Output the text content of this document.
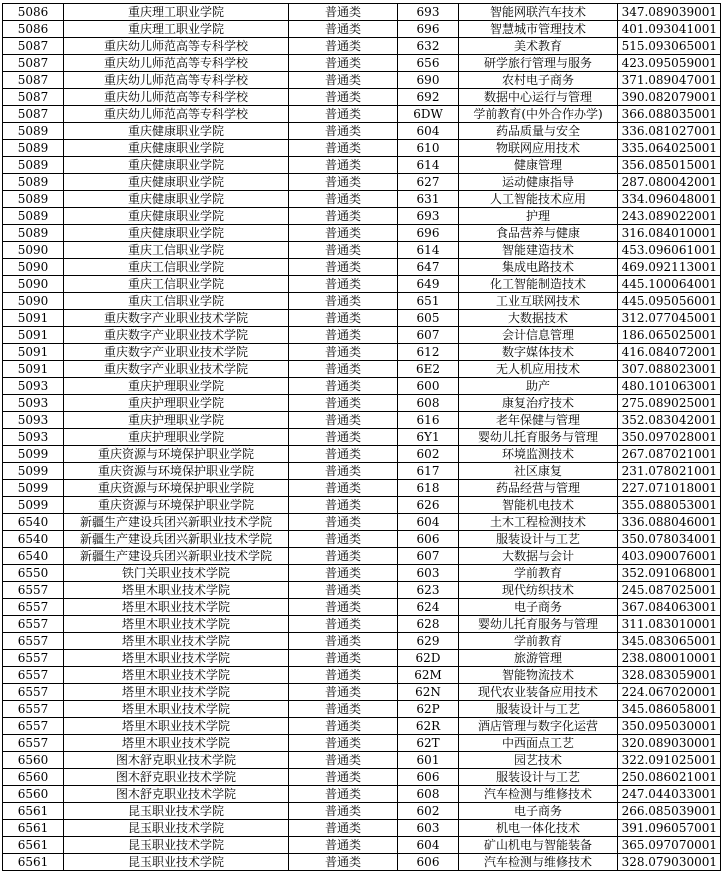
5086	重庆理工职业学院	普通类	693	智能网联汽车技术	347.089039001
5086	重庆理工职业学院	普通类	696	智慧城市管理技术	401.093041001
5087	重庆幼儿师范高等专科学校	普通类	632	美术教育	515.093065001
5087	重庆幼儿师范高等专科学校	普通类	656	研学旅行管理与服务	423.095059001
5087	重庆幼儿师范高等专科学校	普通类	690	农村电子商务	371.089047001
5087	重庆幼儿师范高等专科学校	普通类	692	数据中心运行与管理	390.082079001
5087	重庆幼儿师范高等专科学校	普通类	6DW	学前教育(中外合作办学)	366.088035001
5089	重庆健康职业学院	普通类	604	药品质量与安全	336.081027001
5089	重庆健康职业学院	普通类	610	物联网应用技术	335.064025001
5089	重庆健康职业学院	普通类	614	健康管理	356.085015001
5089	重庆健康职业学院	普通类	627	运动健康指导	287.080042001
5089	重庆健康职业学院	普通类	631	人工智能技术应用	334.096048001
5089	重庆健康职业学院	普通类	693	护理	243.089022001
5089	重庆健康职业学院	普通类	696	食品营养与健康	316.084010001
5090	重庆工信职业学院	普通类	614	智能建造技术	453.096061001
5090	重庆工信职业学院	普通类	647	集成电路技术	469.092113001
5090	重庆工信职业学院	普通类	649	化工智能制造技术	445.100064001
5090	重庆工信职业学院	普通类	651	工业互联网技术	445.095056001
5091	重庆数字产业职业技术学院	普通类	605	大数据技术	312.077045001
5091	重庆数字产业职业技术学院	普通类	607	会计信息管理	186.065025001
5091	重庆数字产业职业技术学院	普通类	612	数字媒体技术	416.084072001
5091	重庆数字产业职业技术学院	普通类	6E2	无人机应用技术	307.088023001
5093	重庆护理职业学院	普通类	600	助产	480.101063001
5093	重庆护理职业学院	普通类	608	康复治疗技术	275.089025001
5093	重庆护理职业学院	普通类	616	老年保健与管理	352.083042001
5093	重庆护理职业学院	普通类	6Y1	婴幼儿托育服务与管理	350.097028001
5099	重庆资源与环境保护职业学院	普通类	602	环境监测技术	267.087021001
5099	重庆资源与环境保护职业学院	普通类	617	社区康复	231.078021001
5099	重庆资源与环境保护职业学院	普通类	618	药品经营与管理	227.071018001
5099	重庆资源与环境保护职业学院	普通类	626	智能机电技术	355.088053001
6540	新疆生产建设兵团兴新职业技术学院	普通类	604	土木工程检测技术	336.088046001
6540	新疆生产建设兵团兴新职业技术学院	普通类	606	服装设计与工艺	350.078034001
6540	新疆生产建设兵团兴新职业技术学院	普通类	607	大数据与会计	403.090076001
6550	铁门关职业技术学院	普通类	603	学前教育	352.091068001
6557	塔里木职业技术学院	普通类	623	现代纺织技术	245.087025001
6557	塔里木职业技术学院	普通类	624	电子商务	367.084063001
6557	塔里木职业技术学院	普通类	628	婴幼儿托育服务与管理	311.083010001
6557	塔里木职业技术学院	普通类	629	学前教育	345.083065001
6557	塔里木职业技术学院	普通类	62D	旅游管理	238.080010001
6557	塔里木职业技术学院	普通类	62M	智能物流技术	328.083059001
6557	塔里木职业技术学院	普通类	62N	现代农业装备应用技术	224.067020001
6557	塔里木职业技术学院	普通类	62P	服装设计与工艺	345.086058001
6557	塔里木职业技术学院	普通类	62R	酒店管理与数字化运营	350.095030001
6557	塔里木职业技术学院	普通类	62T	中西面点工艺	320.089030001
6560	图木舒克职业技术学院	普通类	601	园艺技术	322.091025001
6560	图木舒克职业技术学院	普通类	606	服装设计与工艺	250.086021001
6560	图木舒克职业技术学院	普通类	608	汽车检测与维修技术	247.044033001
6561	昆玉职业技术学院	普通类	602	电子商务	266.085039001
6561	昆玉职业技术学院	普通类	603	机电一体化技术	391.096057001
6561	昆玉职业技术学院	普通类	604	矿山机电与智能装备	365.097070001
6561	昆玉职业技术学院	普通类	606	汽车检测与维修技术	328.079030001
